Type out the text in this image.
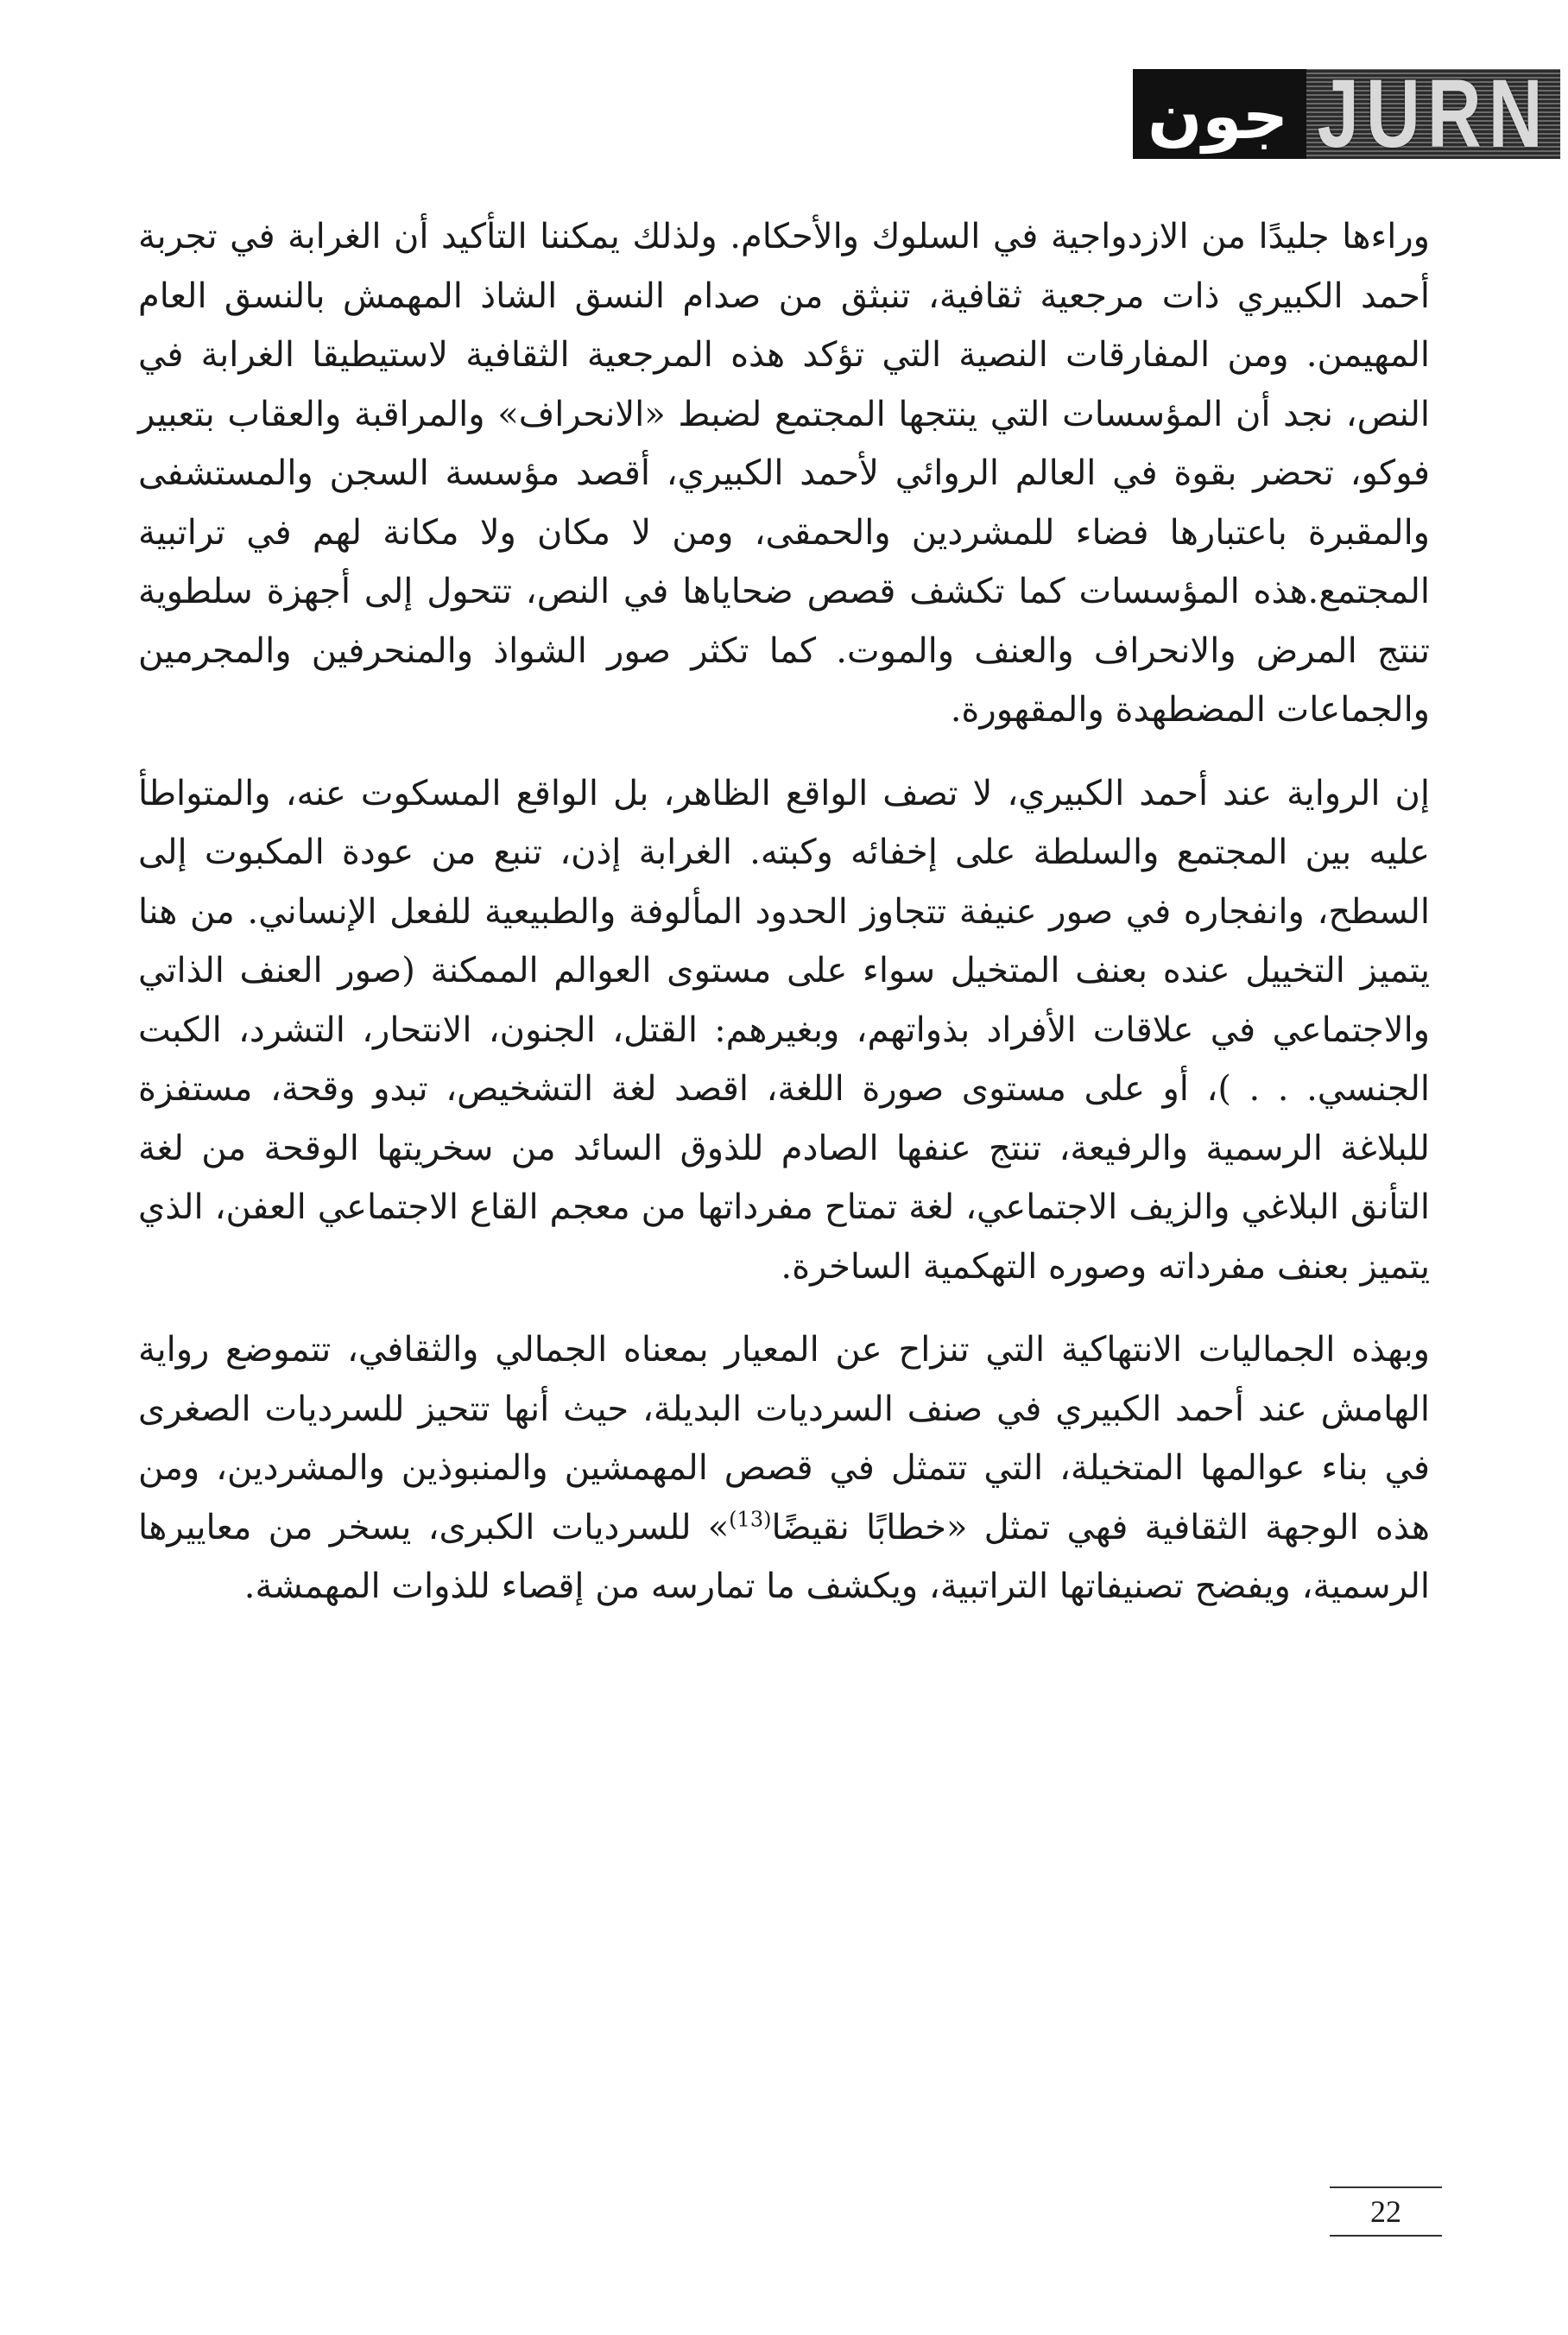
جون JURN

وراءها جليدًا من الازدواجية في السلوك والأحكام. ولذلك يمكننا التأكيد أن الغرابة في تجربة أحمد الكبيري ذات مرجعية ثقافية، تنبثق من صدام النسق الشاذ المهمش بالنسق العام المهيمن. ومن المفارقات النصية التي تؤكد هذه المرجعية الثقافية لاستيطيقا الغرابة في النص، نجد أن المؤسسات التي ينتجها المجتمع لضبط «الانحراف» والمراقبة والعقاب بتعبير فوكو، تحضر بقوة في العالم الروائي لأحمد الكبيري، أقصد مؤسسة السجن والمستشفى والمقبرة باعتبارها فضاء للمشردين والحمقى، ومن لا مكان ولا مكانة لهم في تراتبية المجتمع.هذه المؤسسات كما تكشف قصص ضحاياها في النص، تتحول إلى أجهزة سلطوية تنتج المرض والانحراف والعنف والموت. كما تكثر صور الشواذ والمنحرفين والمجرمين والجماعات المضطهدة والمقهورة.

إن الرواية عند أحمد الكبيري، لا تصف الواقع الظاهر، بل الواقع المسكوت عنه، والمتواطأ عليه بين المجتمع والسلطة على إخفائه وكبته. الغرابة إذن، تنبع من عودة المكبوت إلى السطح، وانفجاره في صور عنيفة تتجاوز الحدود المألوفة والطبيعية للفعل الإنساني. من هنا يتميز التخييل عنده بعنف المتخيل سواء على مستوى العوالم الممكنة (صور العنف الذاتي والاجتماعي في علاقات الأفراد بذواتهم، وبغيرهم: القتل، الجنون، الانتحار، التشرد، الكبت الجنسي. . . )، أو على مستوى صورة اللغة، اقصد لغة التشخيص، تبدو وقحة، مستفزة للبلاغة الرسمية والرفيعة، تنتج عنفها الصادم للذوق السائد من سخريتها الوقحة من لغة التأنق البلاغي والزيف الاجتماعي، لغة تمتاح مفرداتها من معجم القاع الاجتماعي العفن، الذي يتميز بعنف مفرداته وصوره التهكمية الساخرة.

وبهذه الجماليات الانتهاكية التي تنزاح عن المعيار بمعناه الجمالي والثقافي، تتموضع رواية الهامش عند أحمد الكبيري في صنف السرديات البديلة، حيث أنها تتحيز للسرديات الصغرى في بناء عوالمها المتخيلة، التي تتمثل في قصص المهمشين والمنبوذين والمشردين، ومن هذه الوجهة الثقافية فهي تمثل «خطابًا نقيضًا$^{(13)}$» للسرديات الكبرى، يسخر من معاييرها الرسمية، ويفضح تصنيفاتها التراتبية، ويكشف ما تمارسه من إقصاء للذوات المهمشة.

22
